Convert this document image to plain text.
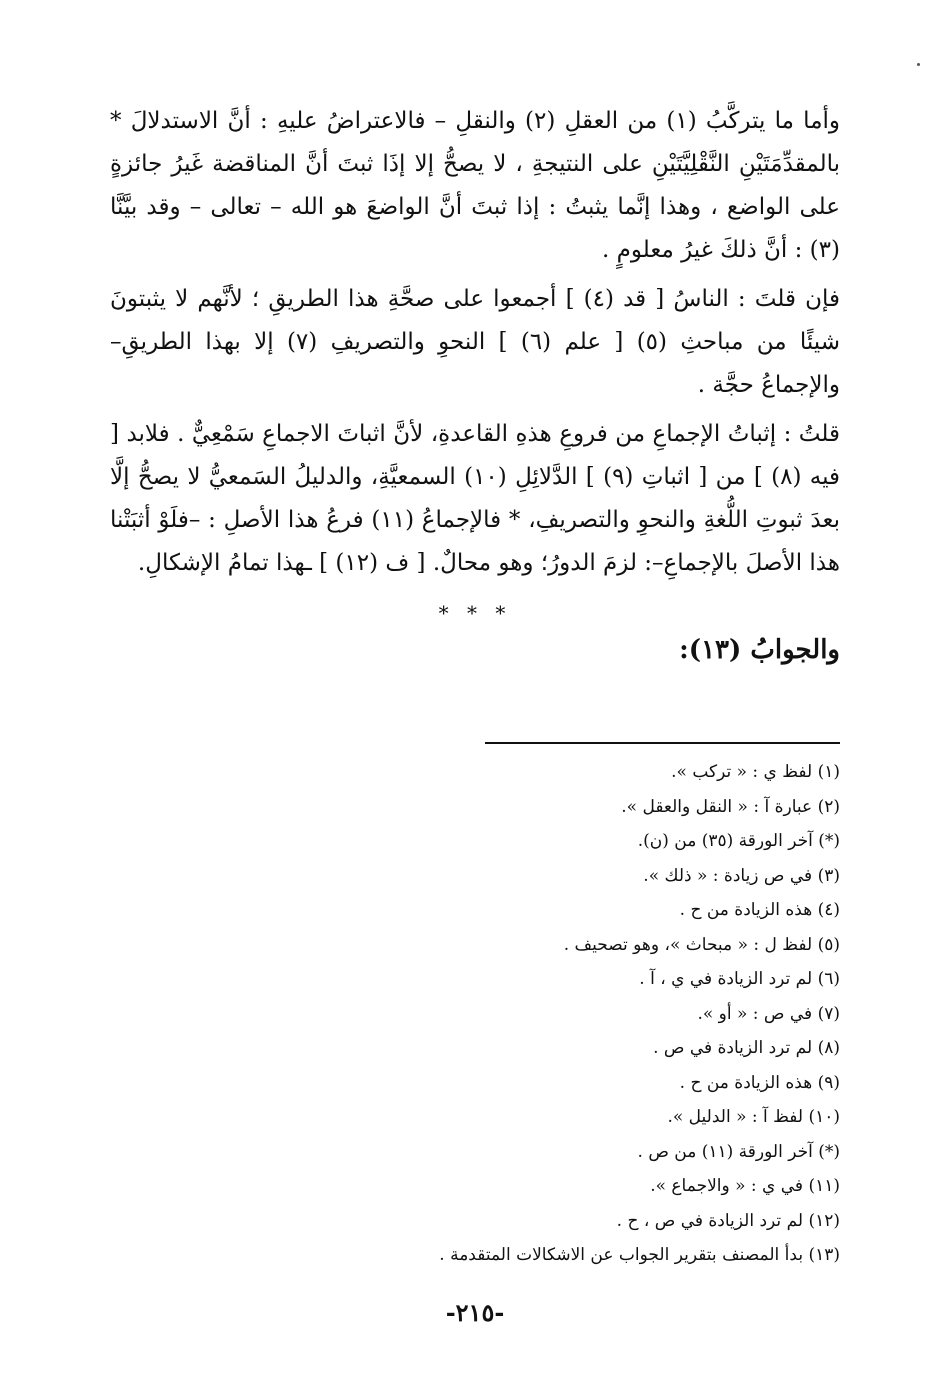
وأما ما يتركَّبُ (١) من العقلِ (٢) والنقلِ – فالاعتراضُ عليهِ : أنَّ الاستدلالَ * بالمقدِّمَتَيْنِ النَّقْلِيَّتَيْنِ على النتيجةِ ، لا يصحُّ إلا إذَا ثبتَ أنَّ المناقضة غَيرُ جائزةٍ على الواضع ، وهذا إنَّما يثبتُ : إذا ثبتَ أنَّ الواضعَ هو الله – تعالى – وقد بيَّنَّا (٣) : أنَّ ذلكَ غيرُ معلومٍ .

فإن قلتَ : الناسُ [ قد (٤) ] أجمعوا على صحَّةِ هذا الطريقِ ؛ لأنَّهم لا يثبتونَ شيئًا من مباحثِ (٥) [ علم (٦) ] النحوِ والتصريفِ (٧) إلا بهذا الطريقِ–والإجماعُ حجَّة .

قلتُ : إثباتُ الإجماعِ من فروعِ هذهِ القاعدةِ، لأنَّ اثباتَ الاجماعِ سَمْعِيٌّ . فلابد [ فيه (٨) ] من [ اثباتِ (٩) ] الدَّلائِلِ (١٠) السمعيَّةِ، والدليلُ السَمعيُّ لا يصحُّ إلَّا بعدَ ثبوتِ اللُّغةِ والنحوِ والتصريفِ، * فالإجماعُ (١١) فرعُ هذا الأصلِ : –فلَوْ أثبَتْنا هذا الأصلَ بالإجماعِ–: لزمَ الدورُ؛ وهو محالٌ. [ ف (١٢) ] ـهذا تمامُ الإشكالِ.

* * *
والجوابُ (١٣):
(١) لفظ ي : « تركب ».
(٢) عبارة آ : « النقل والعقل ».
(*) آخر الورقة (٣٥) من (ن).
(٣) في ص زيادة : « ذلك ».
(٤) هذه الزيادة من ح .
(٥) لفظ ل : « مبحاث »، وهو تصحيف .
(٦) لم ترد الزيادة في ي ، آ .
(٧) في ص : « أو ».
(٨) لم ترد الزيادة في ص .
(٩) هذه الزيادة من ح .
(١٠) لفظ آ : « الدليل ».
(*) آخر الورقة (١١) من ص .
(١١) في ي : « والاجماع ».
(١٢) لم ترد الزيادة في ص ، ح .
(١٣) بدأ المصنف بتقرير الجواب عن الاشكالات المتقدمة .
-٢١٥-
